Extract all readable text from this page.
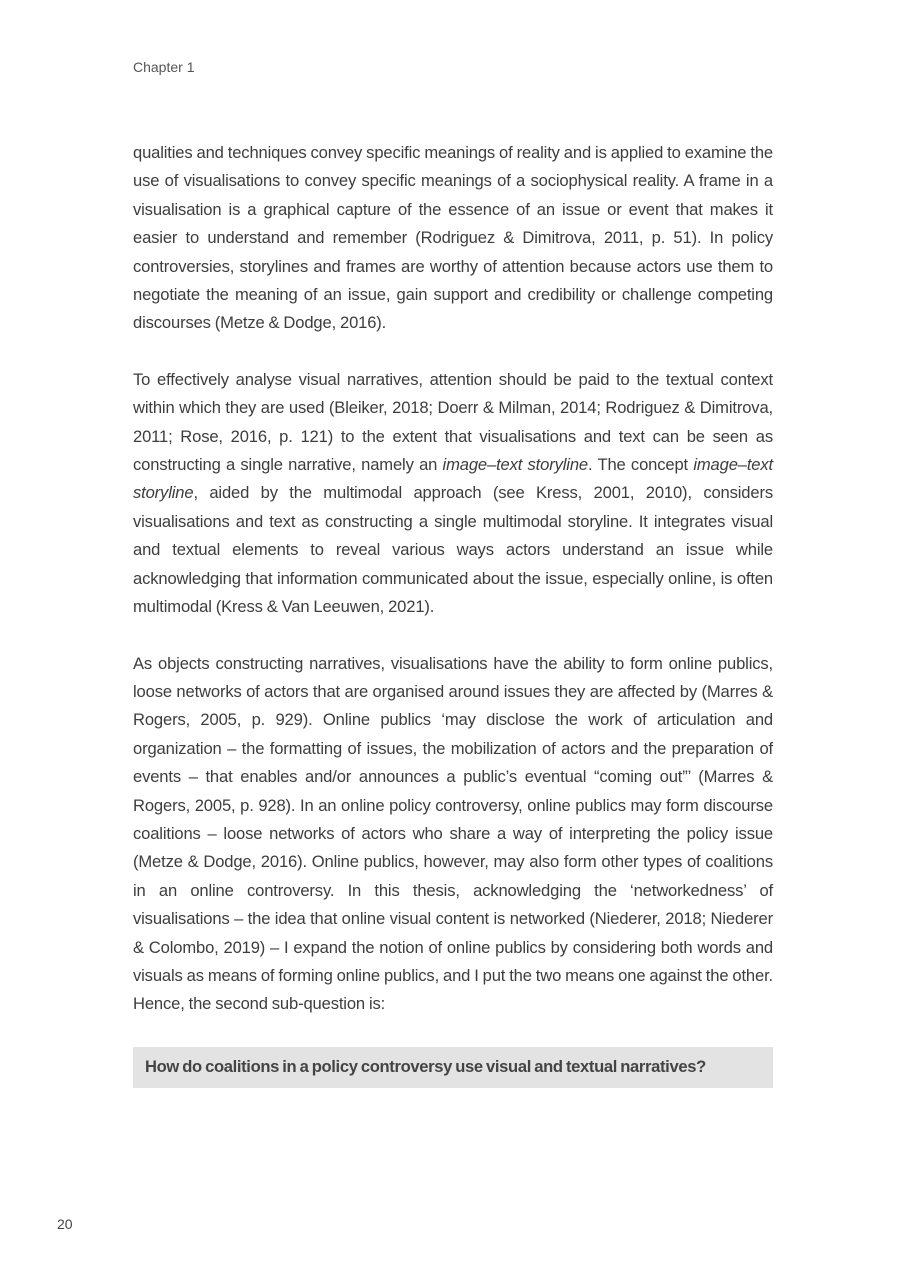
Chapter 1

qualities and techniques convey specific meanings of reality and is applied to examine the use of visualisations to convey specific meanings of a sociophysical reality. A frame in a visualisation is a graphical capture of the essence of an issue or event that makes it easier to understand and remember (Rodriguez & Dimitrova, 2011, p. 51). In policy controversies, storylines and frames are worthy of attention because actors use them to negotiate the meaning of an issue, gain support and credibility or challenge competing discourses (Metze & Dodge, 2016).

To effectively analyse visual narratives, attention should be paid to the textual context within which they are used (Bleiker, 2018; Doerr & Milman, 2014; Rodriguez & Dimitrova, 2011; Rose, 2016, p. 121) to the extent that visualisations and text can be seen as constructing a single narrative, namely an image–text storyline. The concept image–text storyline, aided by the multimodal approach (see Kress, 2001, 2010), considers visualisations and text as constructing a single multimodal storyline. It integrates visual and textual elements to reveal various ways actors understand an issue while acknowledging that information communicated about the issue, especially online, is often multimodal (Kress & Van Leeuwen, 2021).

As objects constructing narratives, visualisations have the ability to form online publics, loose networks of actors that are organised around issues they are affected by (Marres & Rogers, 2005, p. 929). Online publics ‘may disclose the work of articulation and organization – the formatting of issues, the mobilization of actors and the preparation of events – that enables and/or announces a public’s eventual “coming out”’ (Marres & Rogers, 2005, p. 928). In an online policy controversy, online publics may form discourse coalitions – loose networks of actors who share a way of interpreting the policy issue (Metze & Dodge, 2016). Online publics, however, may also form other types of coalitions in an online controversy. In this thesis, acknowledging the ‘networkedness’ of visualisations – the idea that online visual content is networked (Niederer, 2018; Niederer & Colombo, 2019) – I expand the notion of online publics by considering both words and visuals as means of forming online publics, and I put the two means one against the other. Hence, the second sub-question is:

How do coalitions in a policy controversy use visual and textual narratives?
20
